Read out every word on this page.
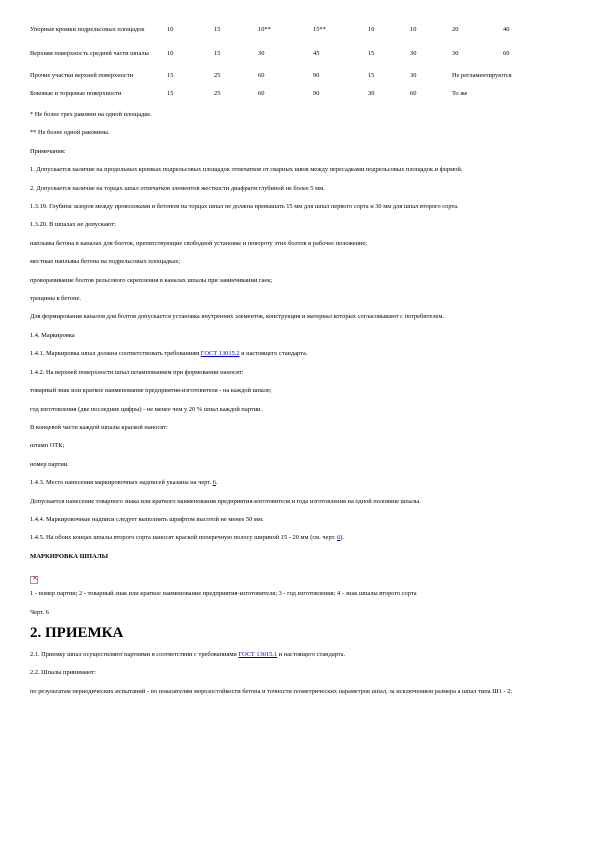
Упорные кромки подрельсовых площадок	10	15	10**	15**	10	10	20	40
Верхняя поверхность средней части шпалы	10	15	30	45	15	30	30	60
Прочие участки верхней поверхности	15	25	60	90	15	30	Не регламентируются	
Боковые и торцевые поверхности	15	25	60	90	30	60	То же	

* Не более трех раковин на одной площадке.

** Не более одной раковины.

Примечания:

1. Допускается наличие на продольных кромках подрельсовых площадок отпечатков от сварных швов между пересадками подрельсовых площадок и формой.

2. Допускается наличие на торцах шпал отпечатков элементов жесткости диафрагм глубиной не более 5 мм.

1.3.19. Глубина зазоров между проволоками и бетоном на торцах шпал не должна превышать 15 мм для шпал первого сорта и 30 мм для шпал второго сорта.

1.3.20. В шпалах не допускают:

наплывы бетона в каналах для болтов, препятствующие свободной установке и повороту этих болтов в рабочее положение;

местные наплывы бетона на подрельсовых площадках;

проворачивание болтов рельсового скрепления в каналах шпалы при завинчивании гаек;

трещины в бетоне.

Для формирования каналов для болтов допускается установка внутренних элементов, конструкция и материал которых согласовывают с потребителем.

1.4. Маркировка

1.4.1. Маркировка шпал должна соответствовать требованиям ГОСТ 13015.2 и настоящего стандарта.

1.4.2. На верхней поверхности шпал штампованием при формовании наносят:

товарный знак или краткое наименование предприятия-изготовителя - на каждой шпале;

год изготовления (две последние цифры) - не менее чем у 20 % шпал каждой партии.

В концевой части каждой шпалы краской наносят:

штамп ОТК;

номер партии.

1.4.3. Место нанесения маркировочных надписей указаны на черт. 6.

Допускается нанесение товарного знака или краткого наименования предприятия-изготовителя и года изготовления на одной половине шпалы.

1.4.4. Маркировочные надписи следует выполнять шрифтом высотой не менее 50 мм.

1.4.5. На обоих концах шпалы второго сорта наносят краской поперечную полосу шириной 15 - 20 мм (см. черт. 6).

МАРКИРОВКА ШПАЛЫ

×

1 - номер партии; 2 - товарный знак или краткое наименование предприятия-изготовителя; 3 - год изготовления; 4 - знак шпалы второго сорта

Черт. 6

2. ПРИЕМКА

2.1. Приемку шпал осуществляют партиями в соответствии с требованиями ГОСТ 13015.1 и настоящего стандарта.

2.2. Шпалы принимают:

по результатам периодических испытаний - по показателям морозостойкости бетона и точности геометрических параметров шпал, за исключением размера а шпал типа Ш1 - 2;
